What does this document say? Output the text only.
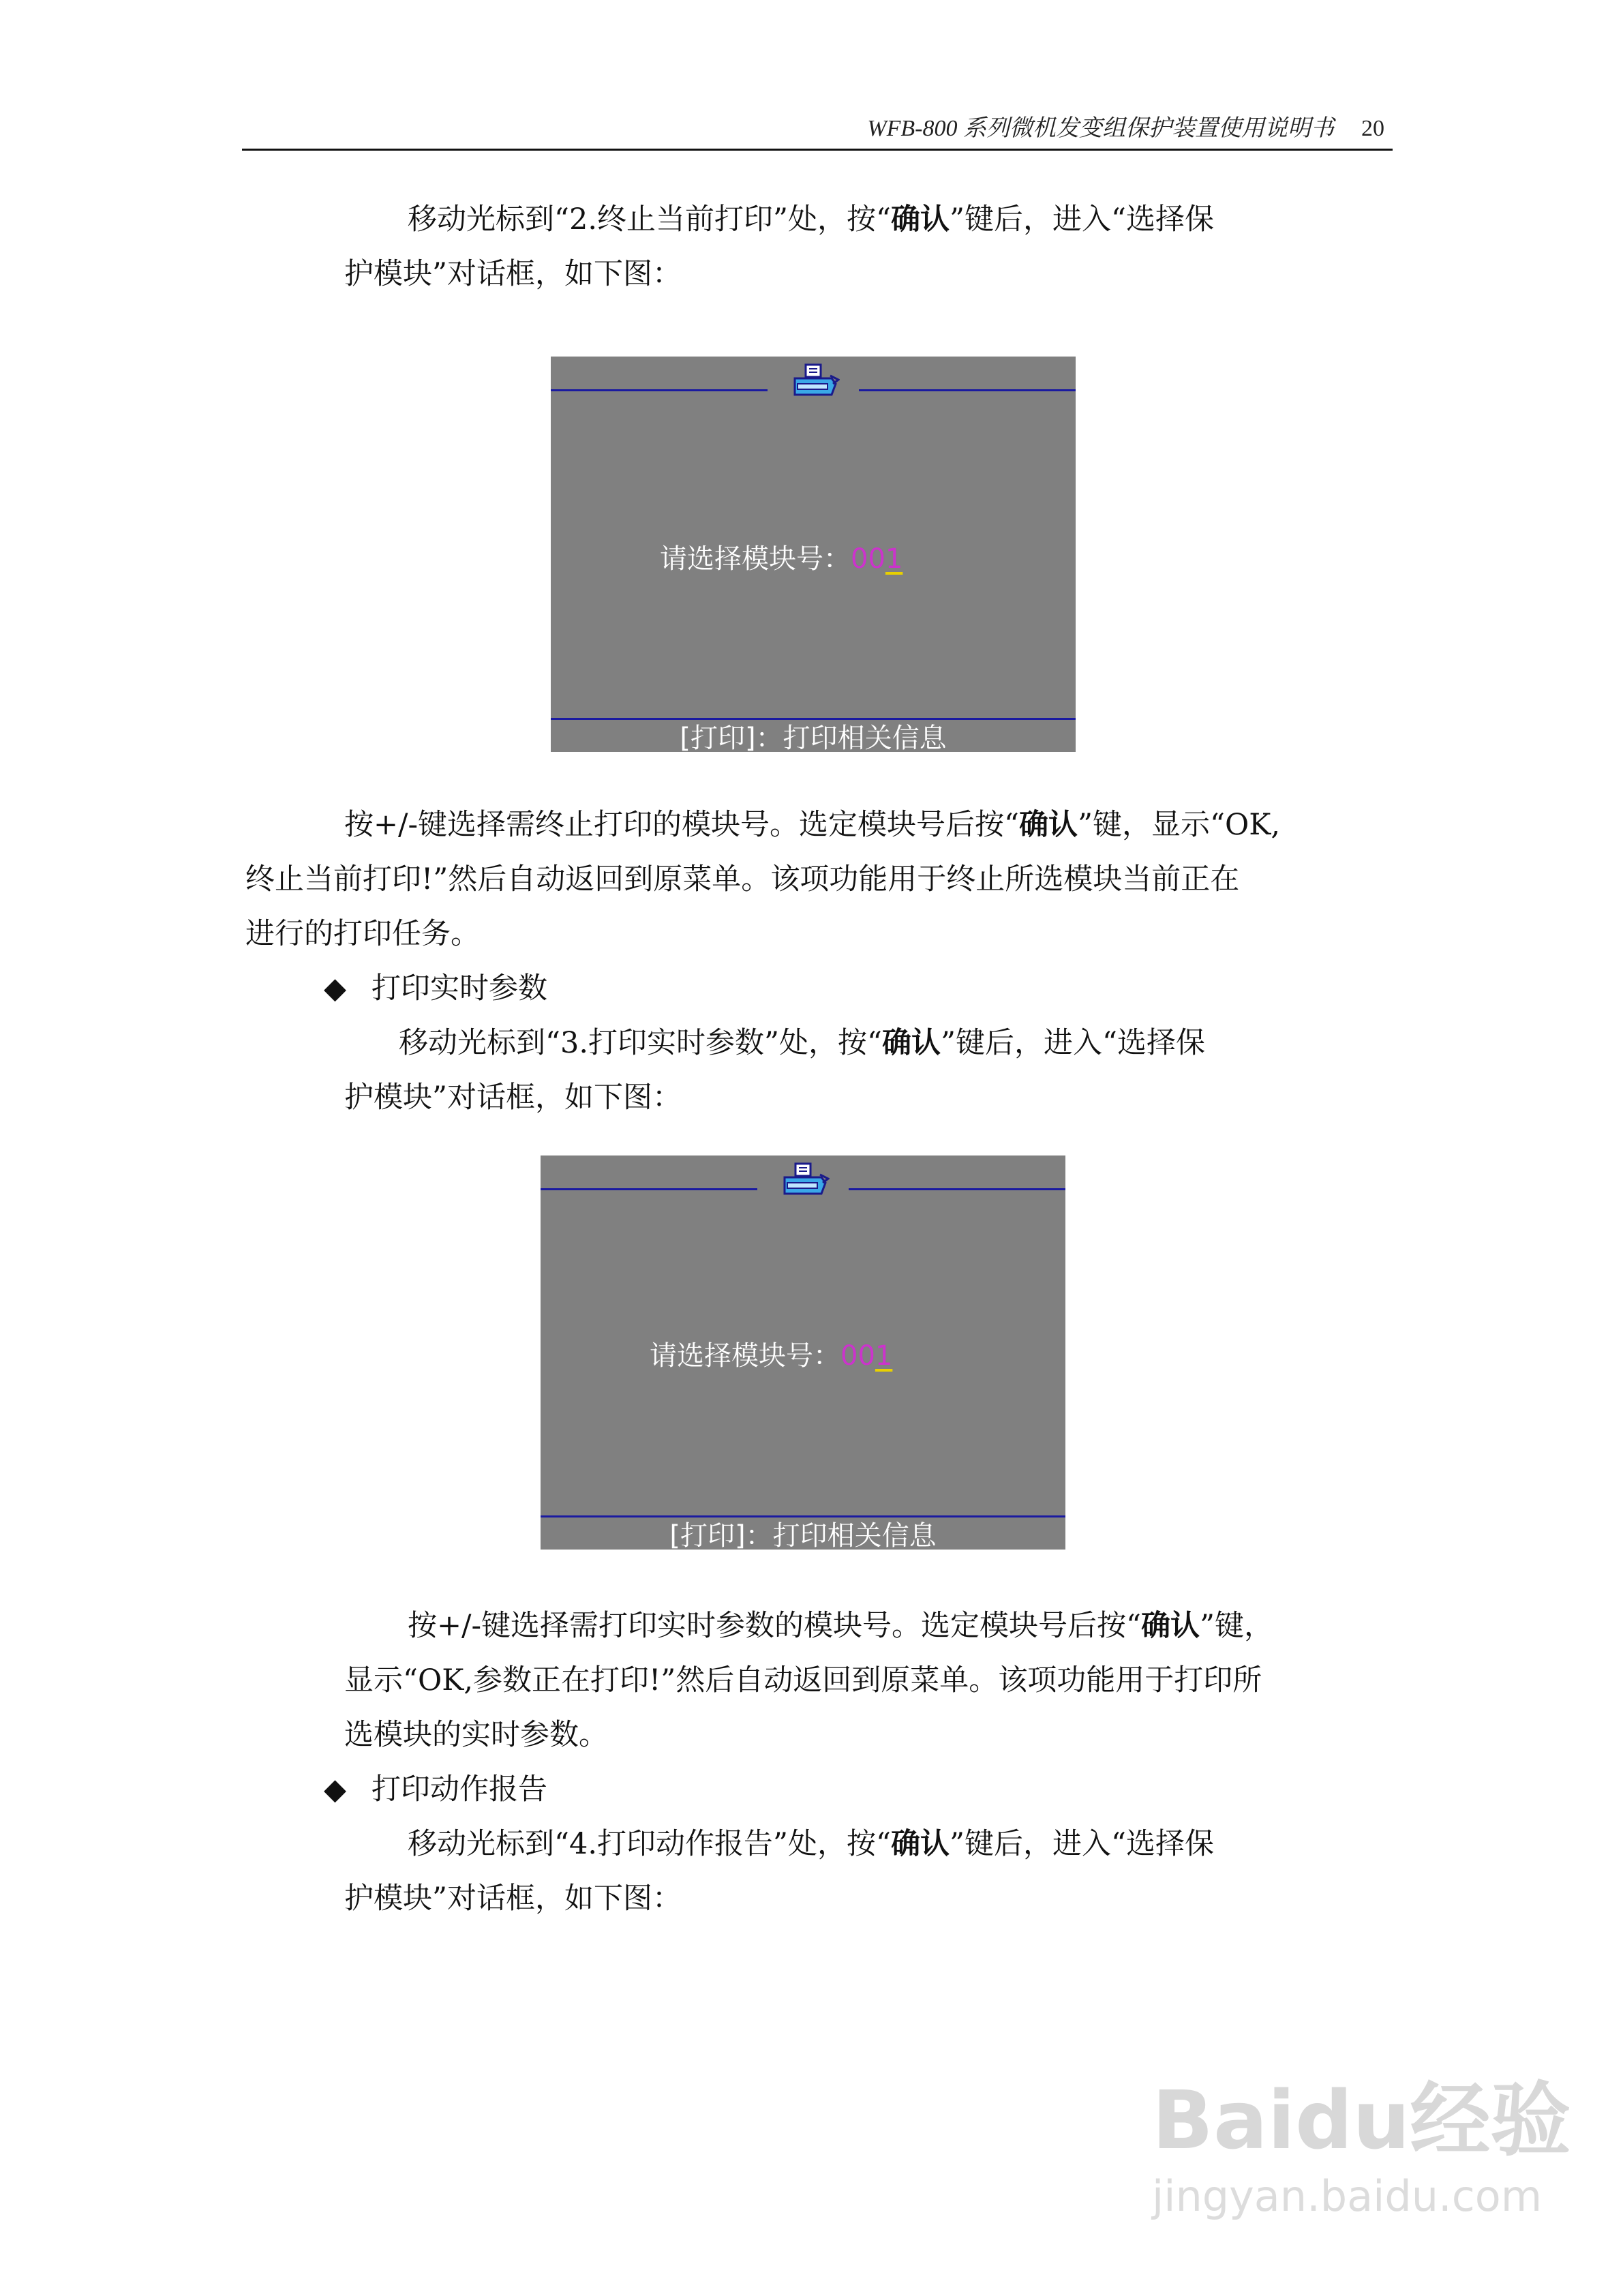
WFB-800 系列微机发变组保护装置使用说明书 20
移动光标到“2.终止当前打印”处，按“确认”键后，进入“选择保
护模块”对话框，如下图：
请选择模块号：001
[打印]：打印相关信息
按+/-键选择需终止打印的模块号。选定模块号后按“确认”键，显示“OK,
终止当前打印!”然后自动返回到原菜单。该项功能用于终止所选模块当前正在
进行的打印任务。
◆ 打印实时参数
移动光标到“3.打印实时参数”处，按“确认”键后，进入“选择保
护模块”对话框，如下图：
请选择模块号：001
[打印]：打印相关信息
按+/-键选择需打印实时参数的模块号。选定模块号后按“确认”键，
显示“OK,参数正在打印!”然后自动返回到原菜单。该项功能用于打印所
选模块的实时参数。
◆ 打印动作报告
移动光标到“4.打印动作报告”处，按“确认”键后，进入“选择保
护模块”对话框，如下图：
Baidu经验
jingyan.baidu.com
